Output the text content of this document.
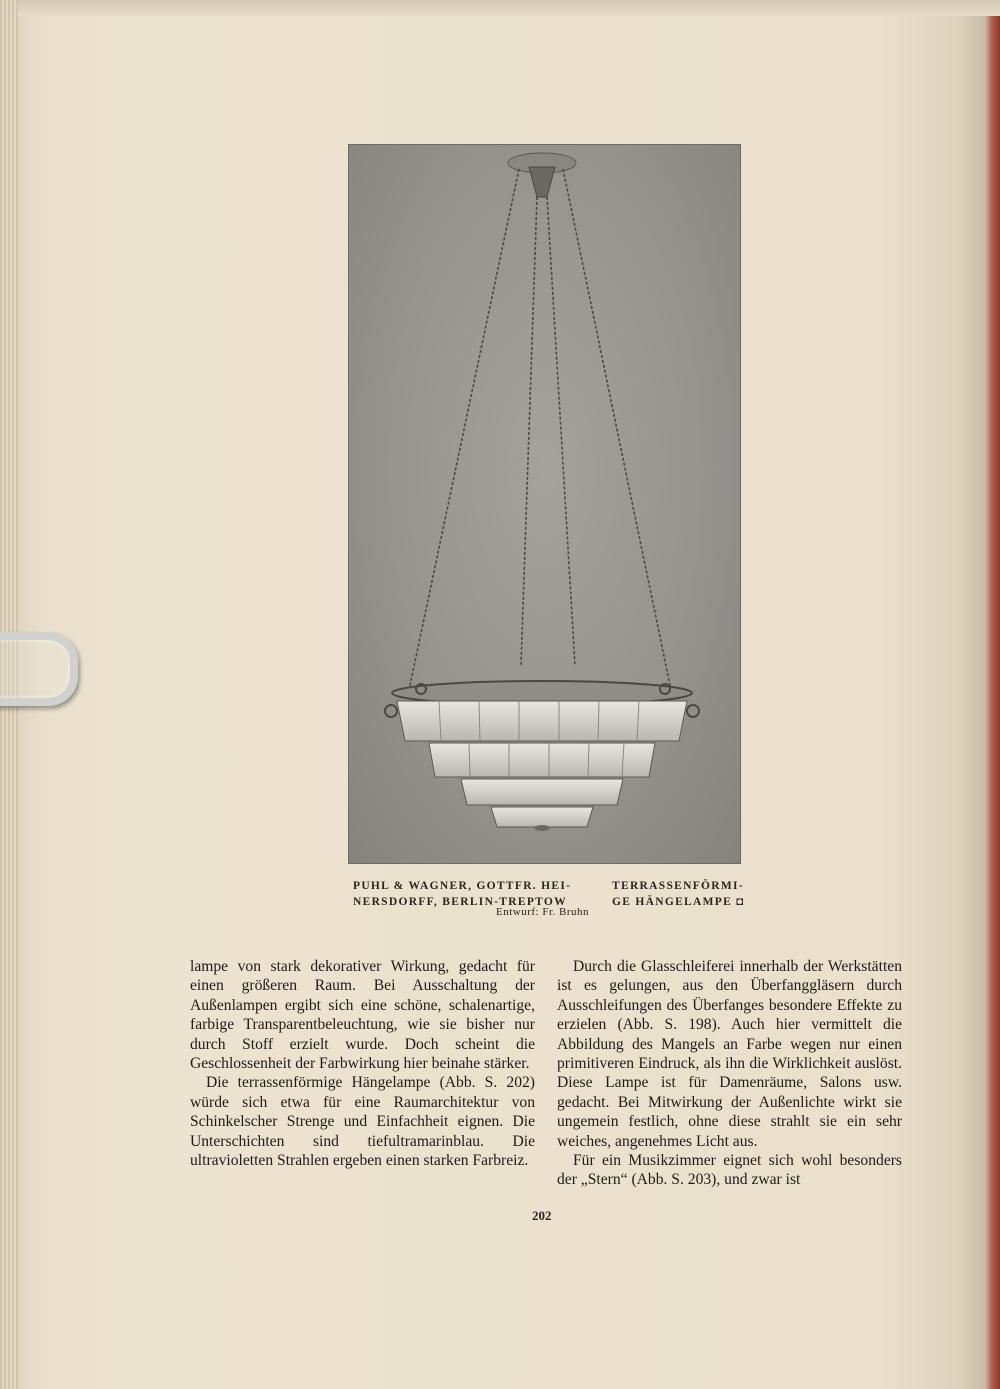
PUHL & WAGNER, GOTTFR. HEI-
NERSDORFF, BERLIN-TREPTOW
TERRASSENFÖRMI-
GE HÄNGELAMPE ◘
Entwurf: Fr. Bruhn

lampe von stark dekorativer Wirkung, gedacht für einen größeren Raum. Bei Ausschaltung der Außenlampen ergibt sich eine schöne, schalenartige, farbige Transparentbeleuchtung, wie sie bisher nur durch Stoff erzielt wurde. Doch scheint die Geschlossenheit der Farbwirkung hier beinahe stärker.

Die terrassenförmige Hängelampe (Abb. S. 202) würde sich etwa für eine Raumarchitektur von Schinkelscher Strenge und Einfachheit eignen. Die Unterschichten sind tiefultramarinblau. Die ultravioletten Strahlen ergeben einen starken Farbreiz.

Durch die Glasschleiferei innerhalb der Werkstätten ist es gelungen, aus den Überfanggläsern durch Ausschleifungen des Überfanges besondere Effekte zu erzielen (Abb. S. 198). Auch hier vermittelt die Abbildung des Mangels an Farbe wegen nur einen primitiveren Eindruck, als ihn die Wirklichkeit auslöst. Diese Lampe ist für Damenräume, Salons usw. gedacht. Bei Mitwirkung der Außenlichte wirkt sie ungemein festlich, ohne diese strahlt sie ein sehr weiches, angenehmes Licht aus.

Für ein Musikzimmer eignet sich wohl besonders der „Stern“ (Abb. S. 203), und zwar ist

202
